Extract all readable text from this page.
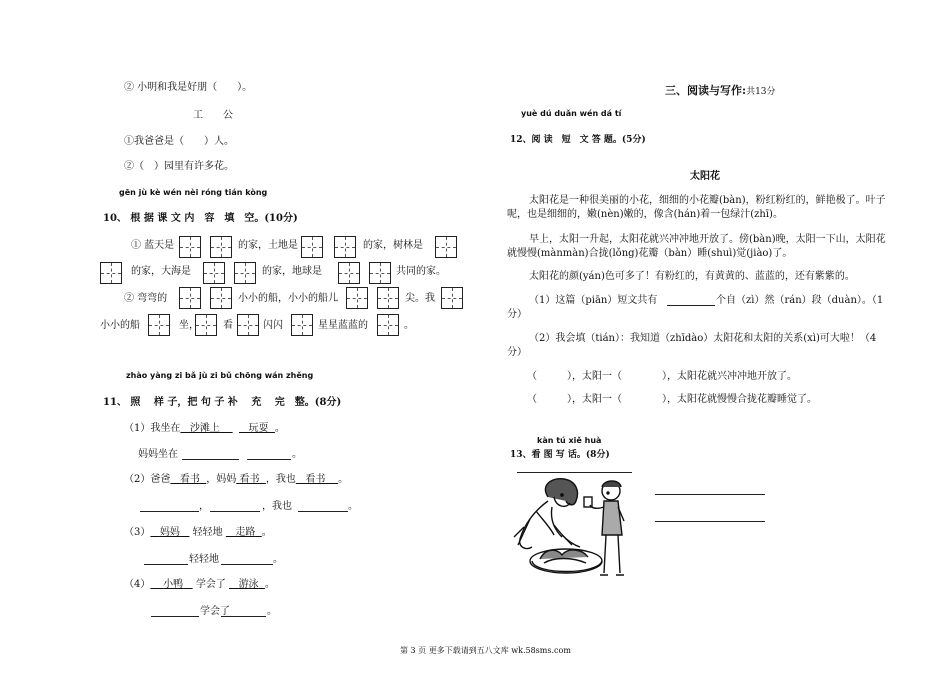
② 小明和我是好朋（　　）。
工　　公
①我爸爸是（　　）人。
②（　）园里有许多花。
gēn jù kè wén nèi róng tián kòng
10、 根 据 课 文 内　容　填　空。(10分)
① 蓝天是	的家，土地是	的家，树林是
的家，大海是	的家，地球是	共同的家。
② 弯弯的	小小的船，小小的船儿	尖。我
小小的船	坐， 看	闪闪	星星蓝蓝的	。
zhào yàng zi bǎ jù zi bǔ chōng wán zhěng
11、 照　 样 子，把 句 子 补　 充　 完　整。(8分)
（1）我坐在 沙滩上	玩耍 。
妈妈坐在	。
（2）爸爸 看书 ，妈妈 看书 ，我也 看书 。
，	，我也	。
（3） 妈妈 轻轻地 走路 。
轻轻地	。
（4） 小鸭 学会了 游泳 。
学会了	。
三、阅读与写作:共13分
yuè dú duǎn wén dá tí
12、阅 读　短　文 答 题。(5分)
太阳花
太阳花是一种很美丽的小花，细细的小花瓣(bàn)，粉红粉红的，鲜艳极了。叶子
呢，也是细细的，嫩(nèn)嫩的，像含(hán)着一包绿汁(zhī)。
早上，太阳一升起，太阳花就兴冲冲地开放了。傍(bàn)晚，太阳一下山，太阳花
就慢慢(mànmàn)合拢(lǒng)花瓣（bàn）睡(shuì)觉(jiào)了。
太阳花的颜(yán)色可多了！有粉红的，有黄黄的、蓝蓝的，还有紫紫的。
（1）这篇（piān）短文共有	个自（zì）然（rán）段（duàn）。（1
分）
（2）我会填（tián）：我知道（zhīdào）太阳花和太阳的关系(xì)可大啦！（4
分）
（　　　），太阳一（　　　　），太阳花就兴冲冲地开放了。
（　　　），太阳一（　　　　），太阳花就慢慢合拢花瓣睡觉了。
kàn tú xiě huà
13、看 图 写 话。(8分)
第 3 页 更多下载请到五八文库 wk.58sms.com
